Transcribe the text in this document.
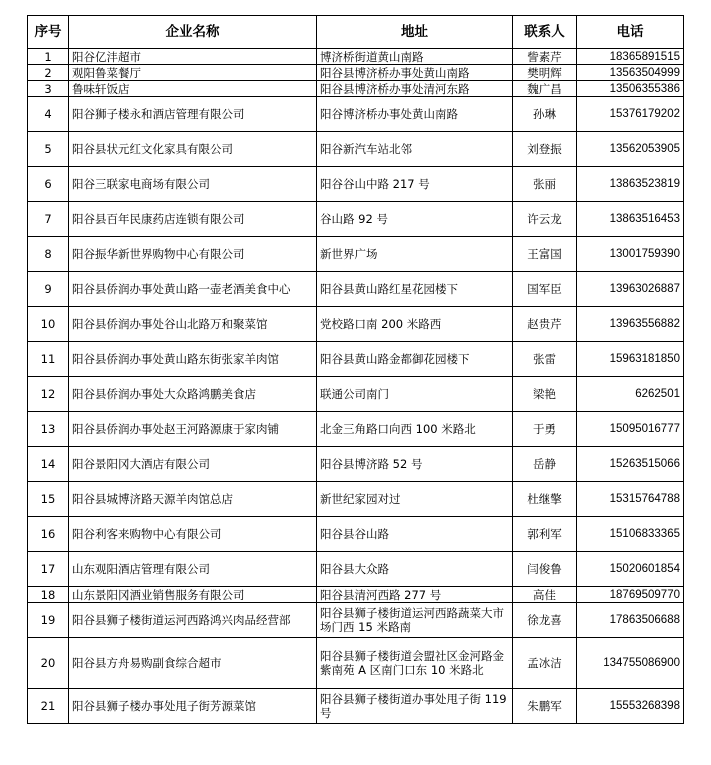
序号	企业名称	地址	联系人	电话
1	阳谷亿沣超市	博济桥街道黄山南路	訾素芹	18365891515
2	观阳鲁菜餐厅	阳谷县博济桥办事处黄山南路	樊明辉	13563504999
3	鲁味轩饭店	阳谷县博济桥办事处清河东路	魏广昌	13506355386
4	阳谷狮子楼永和酒店管理有限公司	阳谷博济桥办事处黄山南路	孙琳	15376179202
5	阳谷县状元红文化家具有限公司	阳谷新汽车站北邻	刘登振	13562053905
6	阳谷三联家电商场有限公司	阳谷谷山中路 217 号	张丽	13863523819
7	阳谷县百年民康药店连锁有限公司	谷山路 92 号	许云龙	13863516453
8	阳谷振华新世界购物中心有限公司	新世界广场	王富国	13001759390
9	阳谷县侨润办事处黄山路一壶老酒美食中心	阳谷县黄山路红星花园楼下	国军臣	13963026887
10	阳谷县侨润办事处谷山北路万和聚菜馆	党校路口南 200 米路西	赵贵芹	13963556882
11	阳谷县侨润办事处黄山路东街张家羊肉馆	阳谷县黄山路金都御花园楼下	张雷	15963181850
12	阳谷县侨润办事处大众路鸿鹏美食店	联通公司南门	梁艳	6262501
13	阳谷县侨润办事处赵王河路源康于家肉铺	北金三角路口向西 100 米路北	于勇	15095016777
14	阳谷景阳冈大酒店有限公司	阳谷县博济路 52 号	岳静	15263515066
15	阳谷县城博济路天源羊肉馆总店	新世纪家园对过	杜继擎	15315764788
16	阳谷利客来购物中心有限公司	阳谷县谷山路	郭利军	15106833365
17	山东观阳酒店管理有限公司	阳谷县大众路	闫俊鲁	15020601854
18	山东景阳冈酒业销售服务有限公司	阳谷县清河西路 277 号	高佳	18769509770
19	阳谷县狮子楼街道运河西路鸿兴肉品经营部	阳谷县狮子楼街道运河西路蔬菜大市场门西 15 米路南	徐龙喜	17863506688
20	阳谷县方舟易购副食综合超市	阳谷县狮子楼街道会盟社区金河路金紫南苑 A 区南门口东 10 米路北	孟冰洁	134755086900
21	阳谷县狮子楼办事处甩子街芳源菜馆	阳谷县狮子楼街道办事处甩子街 119 号	朱鹏军	15553268398
